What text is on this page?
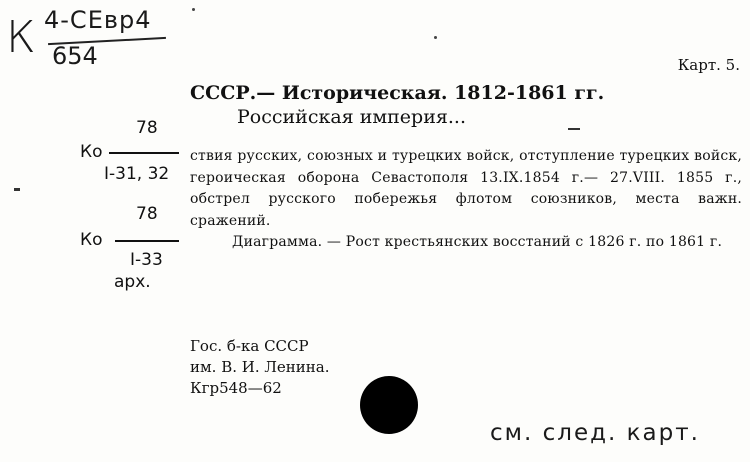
К 4-СЕвр4
654	Карт. 5.
СССР.— Историческая. 1812-1861 гг.
Российская империя...
78
Ко
I-31, 32
78
Ко
I-33
арх.

ствия русских, союзных и турецких войск, отступление турецких войск, героическая оборона Севастополя 13.IX.1854 г.— 27.VIII. 1855 г., обстрел русского побережья флотом союзников, места важн. сражений.

Диаграмма. — Рост крестьянских восстаний с 1826 г. по 1861 г.

Гос. б-ка СССР
им. В. И. Ленина.
Кгр548—62
см. след. карт.
